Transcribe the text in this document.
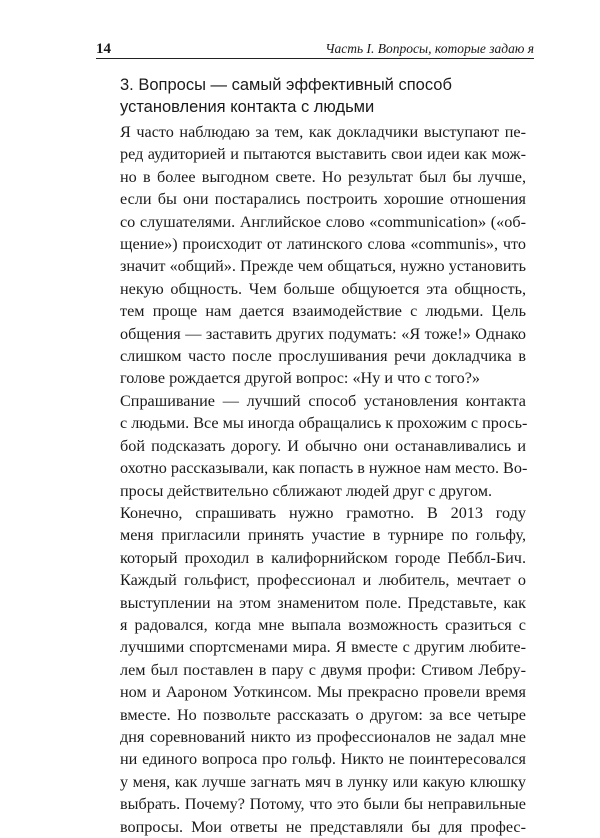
14	Часть I. Вопросы, которые задаю я
3. Вопросы — самый эффективный способ
установления контакта с людьми

Я часто наблюдаю за тем, как докладчики выступают пе-
ред аудиторией и пытаются выставить свои идеи как мож-
но в более выгодном свете. Но результат был бы лучше,
если бы они постарались построить хорошие отношения
со слушателями. Английское слово «communication» («об-
щение») происходит от латинского слова «communis», что
значит «общий». Прежде чем общаться, нужно установить
некую общность. Чем больше общуюется эта общность,
тем проще нам дается взаимодействие с людьми. Цель
общения — заставить других подумать: «Я тоже!» Однако
слишком часто после прослушивания речи докладчика в
голове рождается другой вопрос: «Ну и что с того?»

Спрашивание — лучший способ установления контакта
с людьми. Все мы иногда обращались к прохожим с прось-
бой подсказать дорогу. И обычно они останавливались и
охотно рассказывали, как попасть в нужное нам место. Во-
просы действительно сближают людей друг с другом.

Конечно, спрашивать нужно грамотно. В 2013 году
меня пригласили принять участие в турнире по гольфу,
который проходил в калифорнийском городе Пеббл-Бич.
Каждый гольфист, профессионал и любитель, мечтает о
выступлении на этом знаменитом поле. Представьте, как
я радовался, когда мне выпала возможность сразиться с
лучшими спортсменами мира. Я вместе с другим любите-
лем был поставлен в пару с двумя профи: Стивом Лебру-
ном и Аароном Уоткинсом. Мы прекрасно провели время
вместе. Но позвольте рассказать о другом: за все четыре
дня соревнований никто из профессионалов не задал мне
ни единого вопроса про гольф. Никто не поинтересовался
у меня, как лучше загнать мяч в лунку или какую клюшку
выбрать. Почему? Потому, что это были бы неправильные
вопросы. Мои ответы не представляли бы для профес-
